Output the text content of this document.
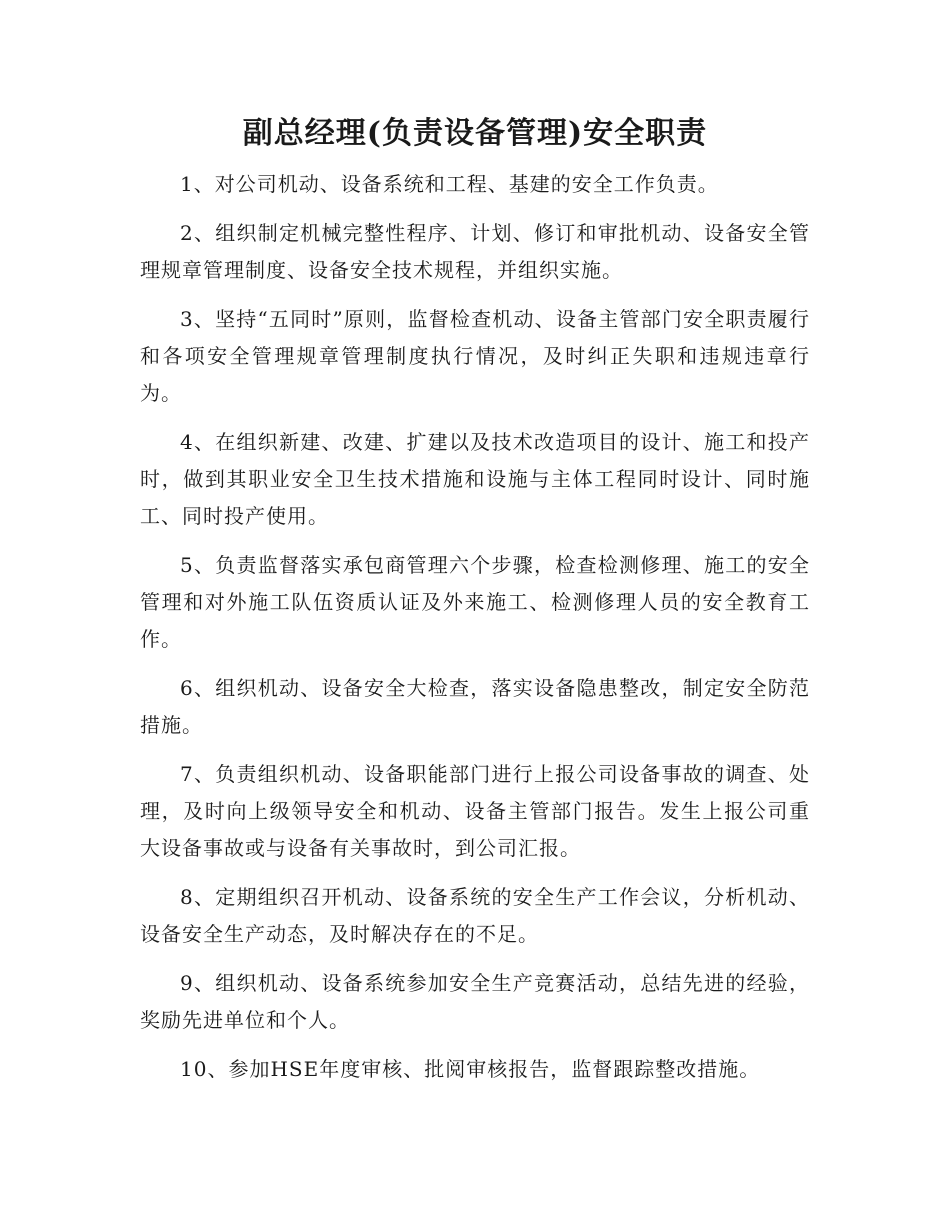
副总经理(负责设备管理)安全职责

1、对公司机动、设备系统和工程、基建的安全工作负责。

2、组织制定机械完整性程序、计划、修订和审批机动、设备安全管理规章管理制度、设备安全技术规程，并组织实施。

3、坚持“五同时”原则，监督检查机动、设备主管部门安全职责履行和各项安全管理规章管理制度执行情况，及时纠正失职和违规违章行为。

4、在组织新建、改建、扩建以及技术改造项目的设计、施工和投产时，做到其职业安全卫生技术措施和设施与主体工程同时设计、同时施工、同时投产使用。

5、负责监督落实承包商管理六个步骤，检查检测修理、施工的安全管理和对外施工队伍资质认证及外来施工、检测修理人员的安全教育工作。

6、组织机动、设备安全大检查，落实设备隐患整改，制定安全防范措施。

7、负责组织机动、设备职能部门进行上报公司设备事故的调查、处理，及时向上级领导安全和机动、设备主管部门报告。发生上报公司重大设备事故或与设备有关事故时，到公司汇报。

8、定期组织召开机动、设备系统的安全生产工作会议，分析机动、设备安全生产动态，及时解决存在的不足。

9、组织机动、设备系统参加安全生产竞赛活动，总结先进的经验，奖励先进单位和个人。

10、参加HSE年度审核、批阅审核报告，监督跟踪整改措施。
